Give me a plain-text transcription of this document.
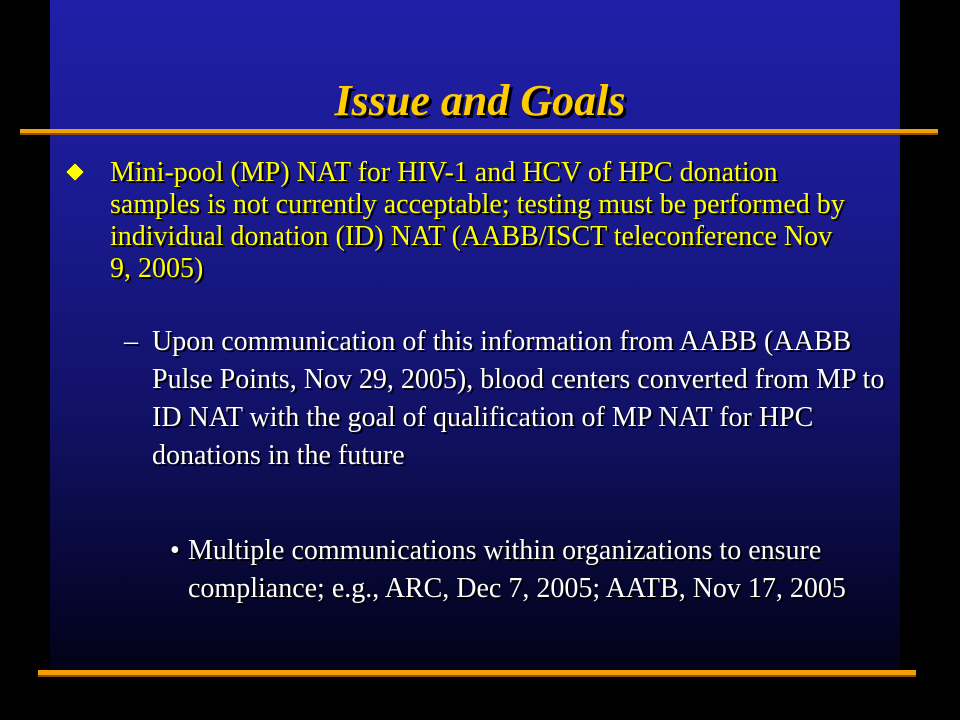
Issue and Goals
Mini-pool (MP) NAT for HIV-1 and HCV of HPC donation samples is not currently acceptable; testing must be performed by individual donation (ID) NAT (AABB/ISCT teleconference Nov 9, 2005)
– Upon communication of this information from AABB (AABB Pulse Points, Nov 29, 2005), blood centers converted from MP to ID NAT with the goal of qualification of MP NAT for HPC donations in the future
• Multiple communications within organizations to ensure compliance; e.g., ARC, Dec 7, 2005; AATB, Nov 17, 2005
